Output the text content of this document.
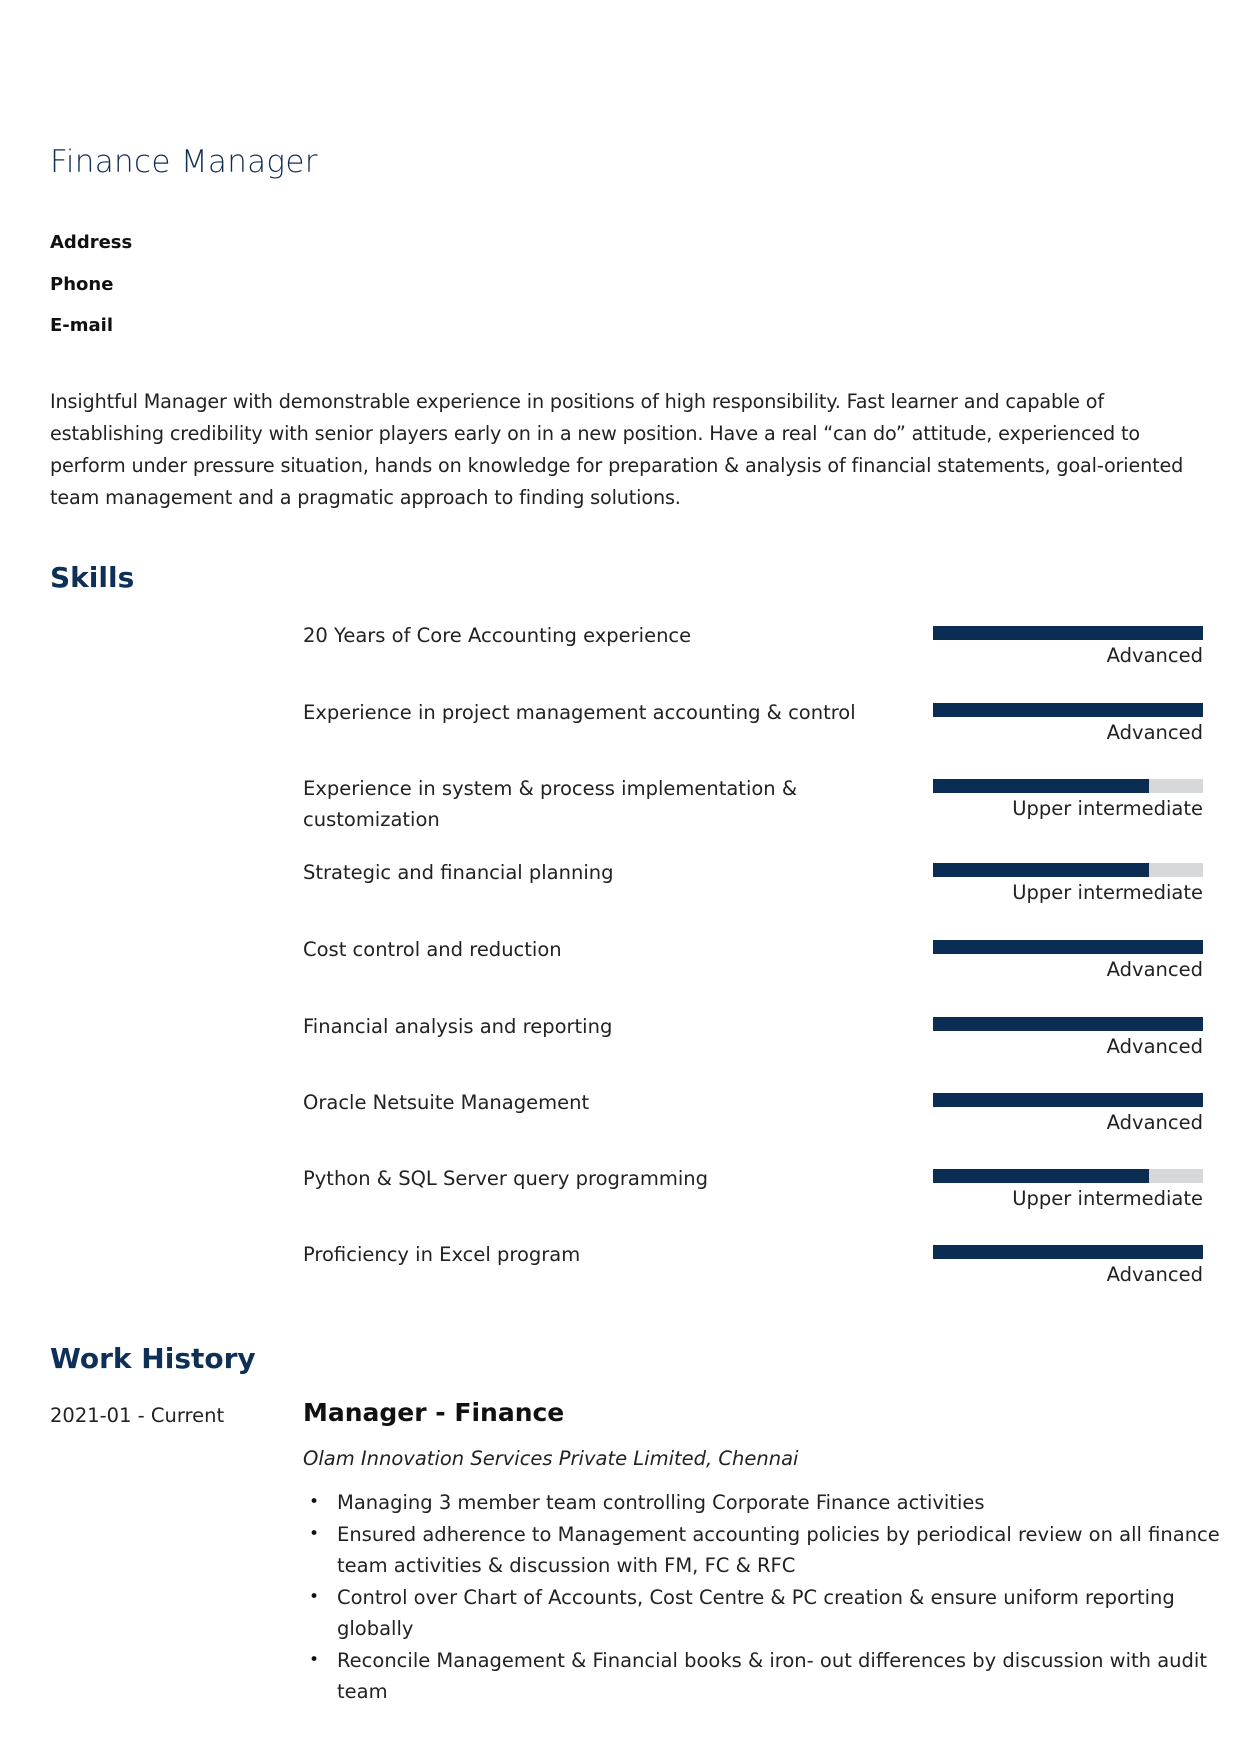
Finance Manager
Address
Phone
E-mail
Insightful Manager with demonstrable experience in positions of high responsibility. Fast learner and capable of establishing credibility with senior players early on in a new position. Have a real “can do” attitude, experienced to perform under pressure situation, hands on knowledge for preparation & analysis of financial statements, goal-oriented team management and a pragmatic approach to finding solutions.
Skills
20 Years of Core Accounting experience
Advanced
Experience in project management accounting & control
Advanced
Experience in system & process implementation & customization	Upper intermediate
Strategic and financial planning
Upper intermediate
Cost control and reduction
Advanced
Financial analysis and reporting
Advanced
Oracle Netsuite Management
Advanced
Python & SQL Server query programming
Upper intermediate
Proficiency in Excel program
Advanced
Work History
2021-01 - Current	Manager - Finance
Olam Innovation Services Private Limited, Chennai
• Managing 3 member team controlling Corporate Finance activities
• Ensured adherence to Management accounting policies by periodical review on all finance team activities & discussion with FM, FC & RFC
• Control over Chart of Accounts, Cost Centre & PC creation & ensure uniform reporting globally
• Reconcile Management & Financial books & iron- out differences by discussion with audit team
